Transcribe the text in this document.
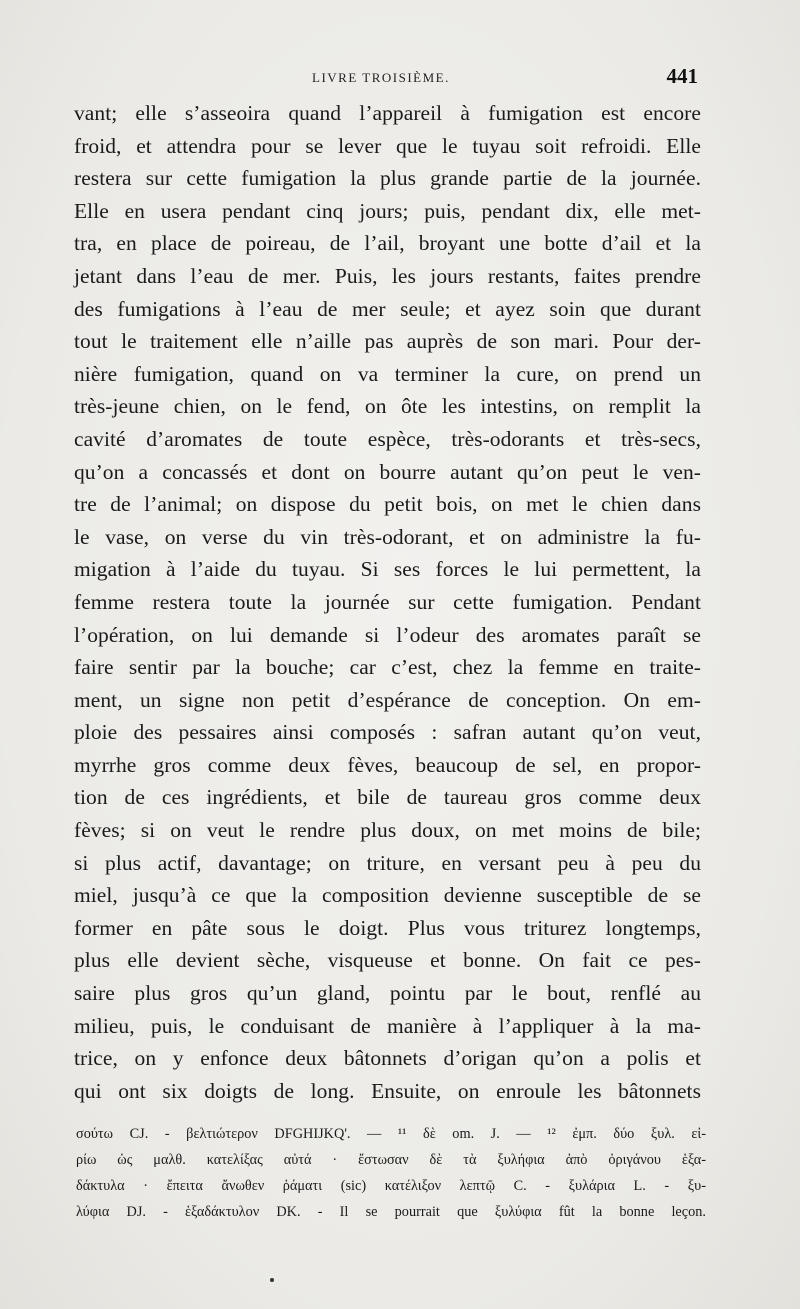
LIVRE TROISIÈME.	441
vant; elle s’asseoira quand l’appareil à fumigation est encore
froid, et attendra pour se lever que le tuyau soit refroidi. Elle
restera sur cette fumigation la plus grande partie de la journée.
Elle en usera pendant cinq jours; puis, pendant dix, elle met-
tra, en place de poireau, de l’ail, broyant une botte d’ail et la
jetant dans l’eau de mer. Puis, les jours restants, faites prendre
des fumigations à l’eau de mer seule; et ayez soin que durant
tout le traitement elle n’aille pas auprès de son mari. Pour der-
nière fumigation, quand on va terminer la cure, on prend un
très-jeune chien, on le fend, on ôte les intestins, on remplit la
cavité d’aromates de toute espèce, très-odorants et très-secs,
qu’on a concassés et dont on bourre autant qu’on peut le ven-
tre de l’animal; on dispose du petit bois, on met le chien dans
le vase, on verse du vin très-odorant, et on administre la fu-
migation à l’aide du tuyau. Si ses forces le lui permettent, la
femme restera toute la journée sur cette fumigation. Pendant
l’opération, on lui demande si l’odeur des aromates paraît se
faire sentir par la bouche; car c’est, chez la femme en traite-
ment, un signe non petit d’espérance de conception. On em-
ploie des pessaires ainsi composés : safran autant qu’on veut,
myrrhe gros comme deux fèves, beaucoup de sel, en propor-
tion de ces ingrédients, et bile de taureau gros comme deux
fèves; si on veut le rendre plus doux, on met moins de bile;
si plus actif, davantage; on triture, en versant peu à peu du
miel, jusqu’à ce que la composition devienne susceptible de se
former en pâte sous le doigt. Plus vous triturez longtemps,
plus elle devient sèche, visqueuse et bonne. On fait ce pes-
saire plus gros qu’un gland, pointu par le bout, renflé au
milieu, puis, le conduisant de manière à l’appliquer à la ma-
trice, on y enfonce deux bâtonnets d’origan qu’on a polis et
qui ont six doigts de long. Ensuite, on enroule les bâtonnets
σούτω CJ. - βελτιώτερον DFGHIJKQ'. — ¹¹ δὲ om. J. — ¹² ἐμπ. δύο ξυλ. εἰ-
ρίω ὡς μαλθ. κατελίξας αὐτά · ἔστωσαν δὲ τὰ ξυλήφια ἀπὸ ὀριγάνου ἑξα-
δάκτυλα · ἔπειτα ἄνωθεν ῥάματι (sic) κατέλιξον λεπτῷ C. - ξυλάρια L. - ξυ-
λύφια DJ. - ἑξαδάκτυλον DK. - Il se pourrait que ξυλύφια fût la bonne leçon.
